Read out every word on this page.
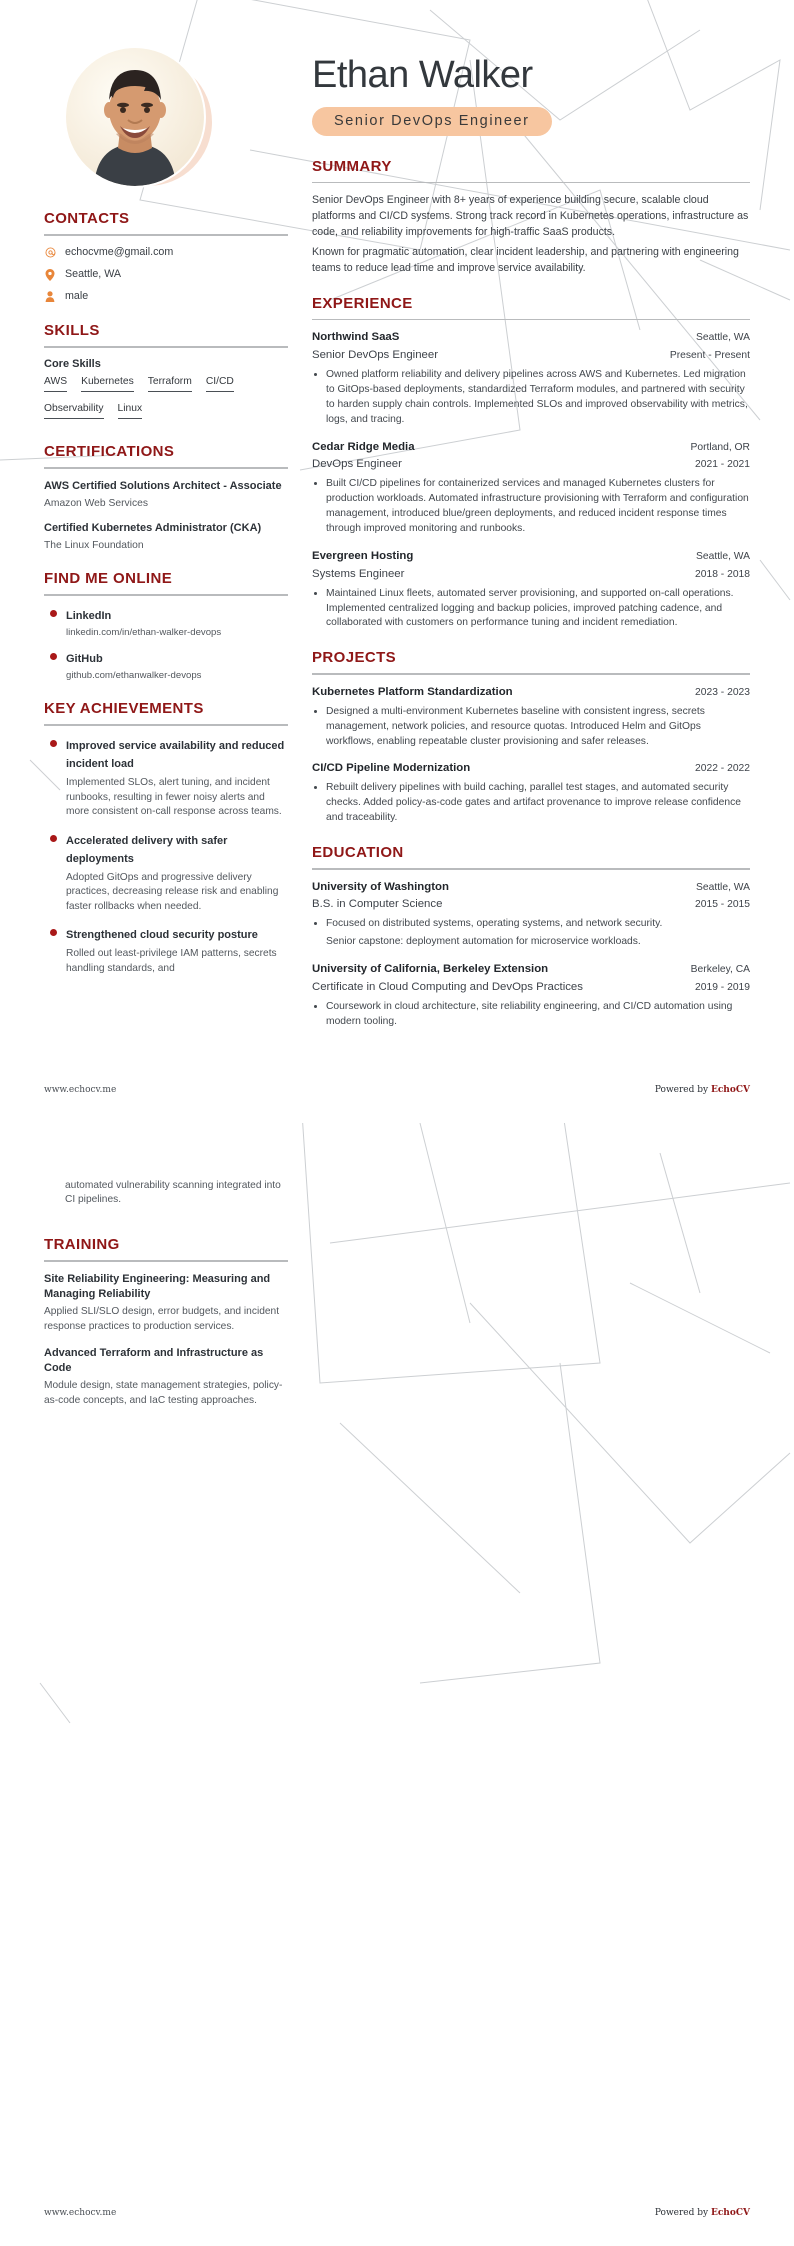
CONTACTS
echocvme@gmail.com
Seattle, WA
male
SKILLS
Core Skills
AWS Kubernetes Terraform CI/CD
Observability Linux
CERTIFICATIONS
AWS Certified Solutions Architect - Associate
Amazon Web Services
Certified Kubernetes Administrator (CKA)
The Linux Foundation
FIND ME ONLINE
LinkedIn
linkedin.com/in/ethan-walker-devops
GitHub
github.com/ethanwalker-devops
KEY ACHIEVEMENTS
Improved service availability and reduced incident load
Implemented SLOs, alert tuning, and incident runbooks, resulting in fewer noisy alerts and more consistent on-call response across teams.
Accelerated delivery with safer deployments
Adopted GitOps and progressive delivery practices, decreasing release risk and enabling faster rollbacks when needed.
Strengthened cloud security posture
Rolled out least-privilege IAM patterns, secrets handling standards, and
Ethan Walker
Senior DevOps Engineer
SUMMARY

Senior DevOps Engineer with 8+ years of experience building secure, scalable cloud platforms and CI/CD systems. Strong track record in Kubernetes operations, infrastructure as code, and reliability improvements for high-traffic SaaS products.

Known for pragmatic automation, clear incident leadership, and partnering with engineering teams to reduce lead time and improve service availability.

EXPERIENCE
Northwind SaaS	Seattle, WA
Senior DevOps Engineer	Present - Present
• Owned platform reliability and delivery pipelines across AWS and Kubernetes. Led migration to GitOps-based deployments, standardized Terraform modules, and partnered with security to harden supply chain controls. Implemented SLOs and improved observability with metrics, logs, and tracing.
Cedar Ridge Media	Portland, OR
DevOps Engineer	2021 - 2021
• Built CI/CD pipelines for containerized services and managed Kubernetes clusters for production workloads. Automated infrastructure provisioning with Terraform and configuration management, introduced blue/green deployments, and reduced incident response times through improved monitoring and runbooks.
Evergreen Hosting	Seattle, WA
Systems Engineer	2018 - 2018
• Maintained Linux fleets, automated server provisioning, and supported on-call operations. Implemented centralized logging and backup policies, improved patching cadence, and collaborated with customers on performance tuning and incident remediation.
PROJECTS
Kubernetes Platform Standardization	2023 - 2023
• Designed a multi-environment Kubernetes baseline with consistent ingress, secrets management, network policies, and resource quotas. Introduced Helm and GitOps workflows, enabling repeatable cluster provisioning and safer releases.
CI/CD Pipeline Modernization	2022 - 2022
• Rebuilt delivery pipelines with build caching, parallel test stages, and automated security checks. Added policy-as-code gates and artifact provenance to improve release confidence and traceability.
EDUCATION
University of Washington	Seattle, WA
B.S. in Computer Science	2015 - 2015
• Focused on distributed systems, operating systems, and network security.
Senior capstone: deployment automation for microservice workloads.
University of California, Berkeley Extension	Berkeley, CA
Certificate in Cloud Computing and DevOps Practices	2019 - 2019
• Coursework in cloud architecture, site reliability engineering, and CI/CD automation using modern tooling.
www.echocv.me	Powered by EchoCV
automated vulnerability scanning integrated into CI pipelines.
TRAINING
Site Reliability Engineering: Measuring and Managing Reliability
Applied SLI/SLO design, error budgets, and incident response practices to production services.
Advanced Terraform and Infrastructure as Code
Module design, state management strategies, policy-as-code concepts, and IaC testing approaches.
www.echocv.me	Powered by EchoCV
